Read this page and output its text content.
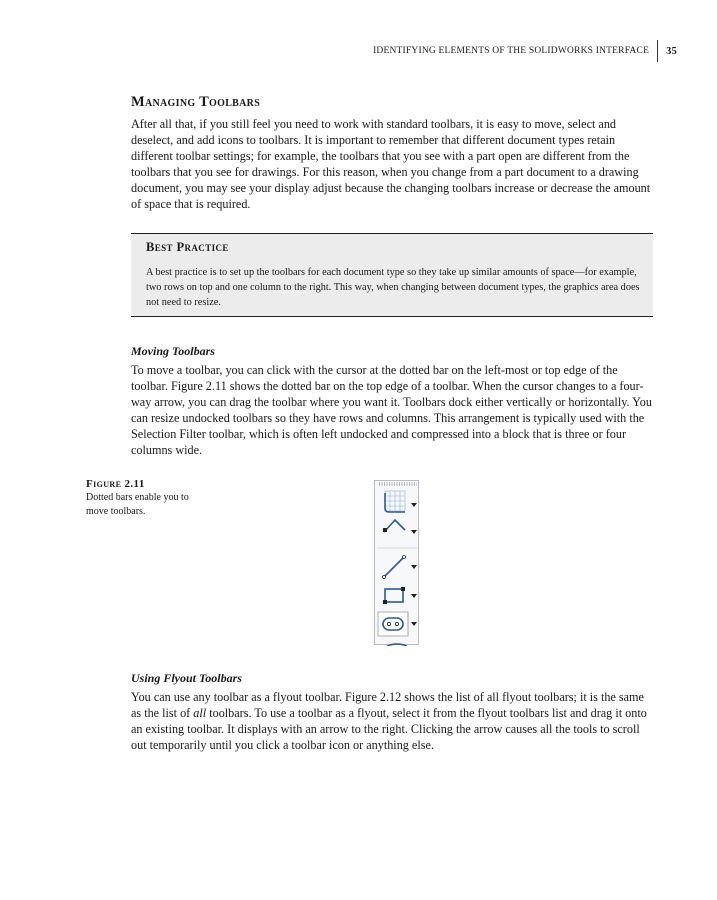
IDENTIFYING ELEMENTS OF THE SOLIDWORKS INTERFACE	35
Managing Toolbars

After all that, if you still feel you need to work with standard toolbars, it is easy to move, select and deselect, and add icons to toolbars. It is important to remember that different document types retain different toolbar settings; for example, the toolbars that you see with a part open are different from the toolbars that you see for drawings. For this reason, when you change from a part document to a drawing document, you may see your display adjust because the changing toolbars increase or decrease the amount of space that is required.

Best Practice
A best practice is to set up the toolbars for each document type so they take up similar amounts of space—for example, two rows on top and one column to the right. This way, when changing between document types, the graphics area does not need to resize.
Moving Toolbars

To move a toolbar, you can click with the cursor at the dotted bar on the left-most or top edge of the toolbar. Figure 2.11 shows the dotted bar on the top edge of a toolbar. When the cursor changes to a four-way arrow, you can drag the toolbar where you want it. Toolbars dock either vertically or horizontally. You can resize undocked toolbars so they have rows and columns. This arrangement is typically used with the Selection Filter toolbar, which is often left undocked and compressed into a block that is three or four columns wide.

Figure 2.11
Dotted bars enable you to move toolbars.
Using Flyout Toolbars

You can use any toolbar as a flyout toolbar. Figure 2.12 shows the list of all flyout toolbars; it is the same as the list of all toolbars. To use a toolbar as a flyout, select it from the flyout toolbars list and drag it onto an existing toolbar. It displays with an arrow to the right. Clicking the arrow causes all the tools to scroll out temporarily until you click a toolbar icon or anything else.
